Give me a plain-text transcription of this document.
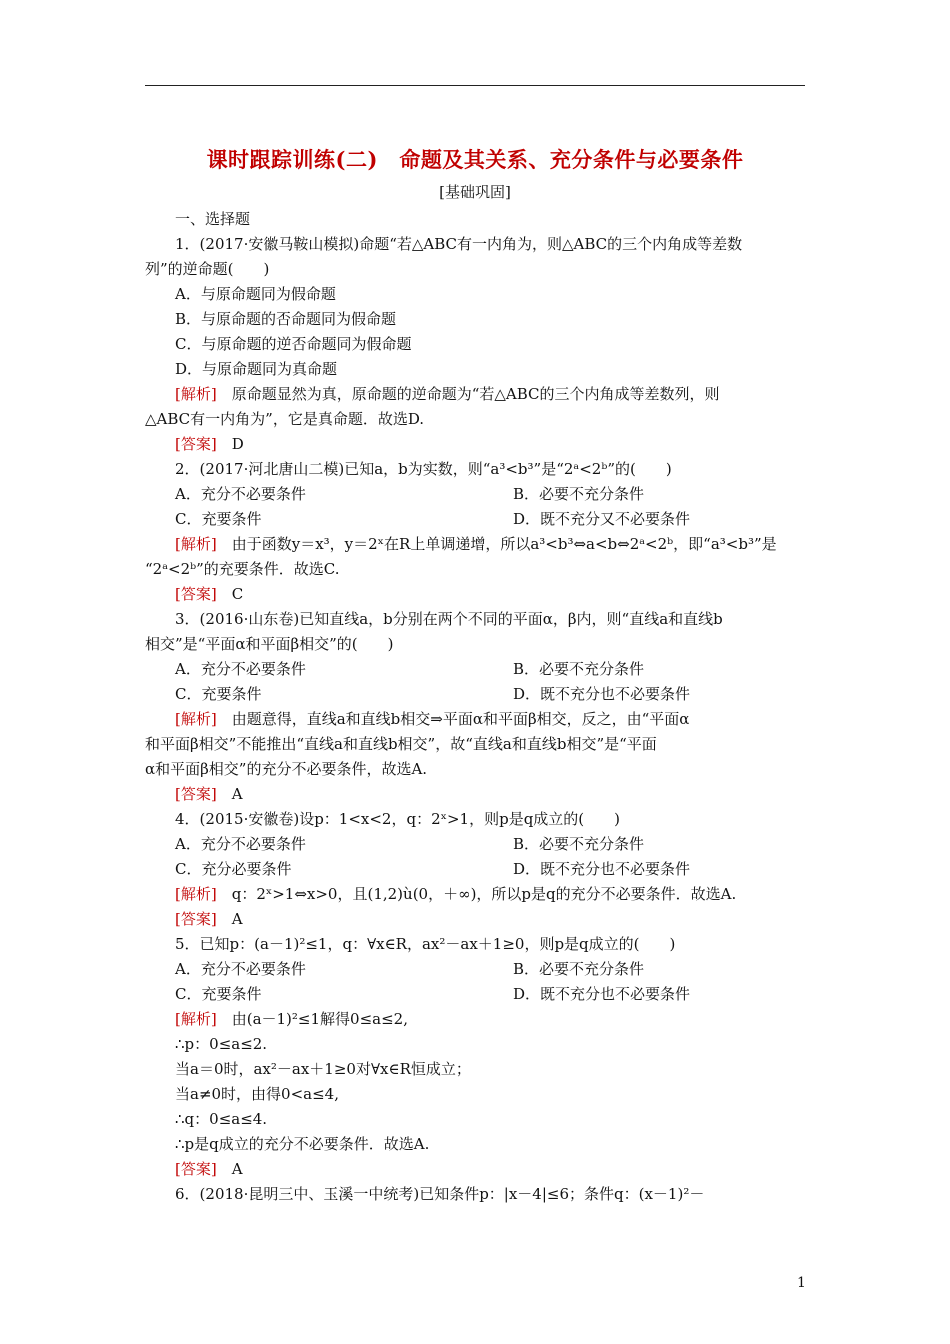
课时跟踪训练(二)　命题及其关系、充分条件与必要条件
[基础巩固]
一、选择题
1．(2017·安徽马鞍山模拟)命题“若△ABC有一内角为，则△ABC的三个内角成等差数
列”的逆命题(　　)
A．与原命题同为假命题
B．与原命题的否命题同为假命题
C．与原命题的逆否命题同为假命题
D．与原命题同为真命题
[解析]　原命题显然为真，原命题的逆命题为“若△ABC的三个内角成等差数列，则
△ABC有一内角为”，它是真命题．故选D.
[答案]　D
2．(2017·河北唐山二模)已知a，b为实数，则“a³<b³”是“2ᵃ<2ᵇ”的(　　)
A．充分不必要条件	B．必要不充分条件
C．充要条件	D．既不充分又不必要条件
[解析]　由于函数y＝x³，y＝2ˣ在R上单调递增，所以a³<b³⇔a<b⇔2ᵃ<2ᵇ，即“a³<b³”是
“2ᵃ<2ᵇ”的充要条件．故选C.
[答案]　C
3．(2016·山东卷)已知直线a，b分别在两个不同的平面α，β内，则“直线a和直线b
相交”是“平面α和平面β相交”的(　　)
A．充分不必要条件	B．必要不充分条件
C．充要条件	D．既不充分也不必要条件
[解析]　由题意得，直线a和直线b相交⇒平面α和平面β相交，反之，由“平面α
和平面β相交”不能推出“直线a和直线b相交”，故“直线a和直线b相交”是“平面
α和平面β相交”的充分不必要条件，故选A.
[答案]　A
4．(2015·安徽卷)设p：1<x<2，q：2ˣ>1，则p是q成立的(　　)
A．充分不必要条件	B．必要不充分条件
C．充分必要条件	D．既不充分也不必要条件
[解析]　q：2ˣ>1⇔x>0，且(1,2)ù(0，＋∞)，所以p是q的充分不必要条件．故选A.
[答案]　A
5．已知p：(a－1)²≤1，q：∀x∈R，ax²－ax＋1≥0，则p是q成立的(　　)
A．充分不必要条件	B．必要不充分条件
C．充要条件	D．既不充分也不必要条件
[解析]　由(a－1)²≤1解得0≤a≤2,
∴p：0≤a≤2.
当a＝0时，ax²－ax＋1≥0对∀x∈R恒成立；
当a≠0时，由得0<a≤4,
∴q：0≤a≤4.
∴p是q成立的充分不必要条件．故选A.
[答案]　A
6．(2018·昆明三中、玉溪一中统考)已知条件p：|x－4|≤6；条件q：(x－1)²－
1
